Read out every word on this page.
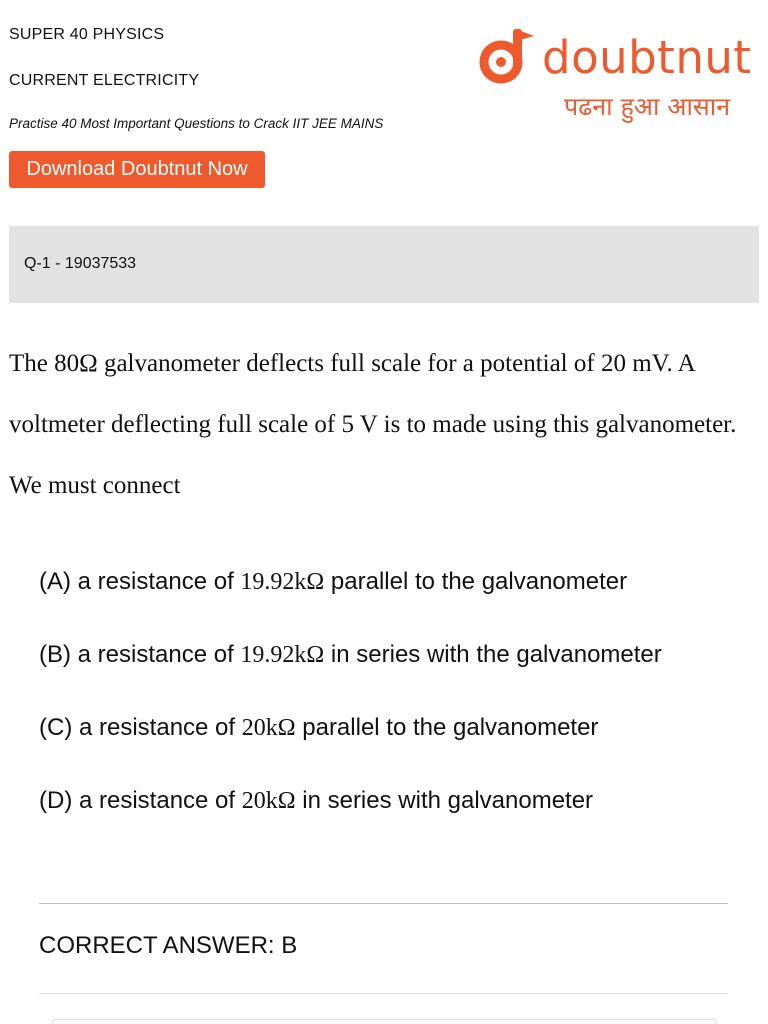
SUPER 40 PHYSICS
CURRENT ELECTRICITY
Practise 40 Most Important Questions to Crack IIT JEE MAINS
Download Doubtnut Now
doubtnut
पढना हुआ आसान
Q-1 - 19037533
The 80Ω galvanometer deflects full scale for a potential of 20 mV. A voltmeter deflecting full scale of 5 V is to made using this galvanometer. We must connect
(A) a resistance of 19.92kΩ parallel to the galvanometer
(B) a resistance of 19.92kΩ in series with the galvanometer
(C) a resistance of 20kΩ parallel to the galvanometer
(D) a resistance of 20kΩ in series with galvanometer
CORRECT ANSWER: B
